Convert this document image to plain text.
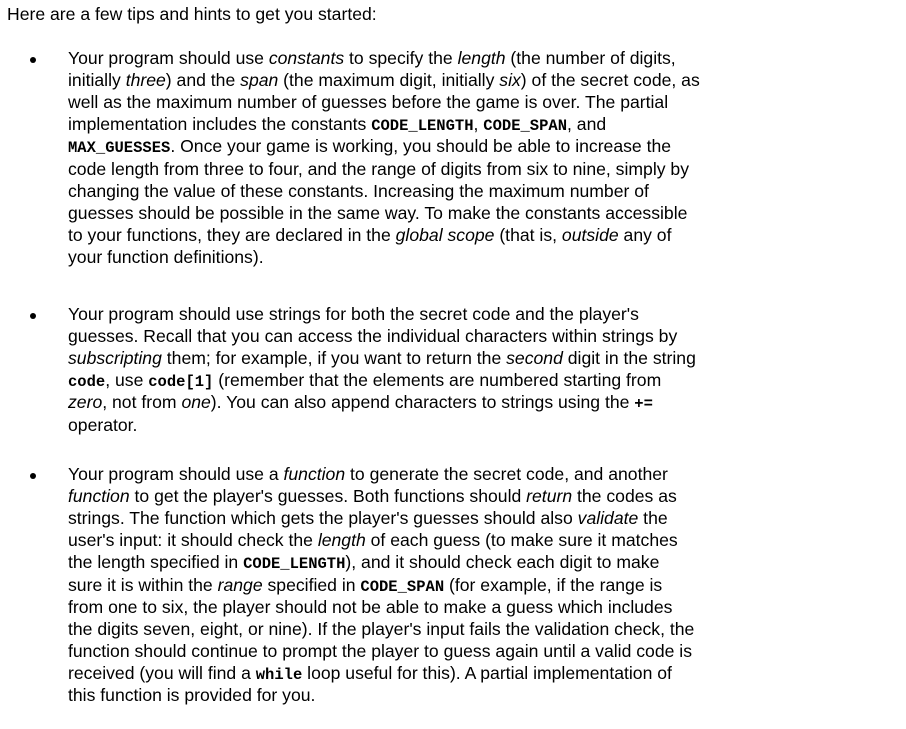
Here are a few tips and hints to get you started:
Your program should use constants to specify the length (the number of digits,
initially three) and the span (the maximum digit, initially six) of the secret code, as
well as the maximum number of guesses before the game is over. The partial
implementation includes the constants CODE_LENGTH, CODE_SPAN, and
MAX_GUESSES. Once your game is working, you should be able to increase the
code length from three to four, and the range of digits from six to nine, simply by
changing the value of these constants. Increasing the maximum number of
guesses should be possible in the same way. To make the constants accessible
to your functions, they are declared in the global scope (that is, outside any of
your function definitions).
Your program should use strings for both the secret code and the player's
guesses. Recall that you can access the individual characters within strings by
subscripting them; for example, if you want to return the second digit in the string
code, use code[1] (remember that the elements are numbered starting from
zero, not from one). You can also append characters to strings using the +=
operator.
Your program should use a function to generate the secret code, and another
function to get the player's guesses. Both functions should return the codes as
strings. The function which gets the player's guesses should also validate the
user's input: it should check the length of each guess (to make sure it matches
the length specified in CODE_LENGTH), and it should check each digit to make
sure it is within the range specified in CODE_SPAN (for example, if the range is
from one to six, the player should not be able to make a guess which includes
the digits seven, eight, or nine). If the player's input fails the validation check, the
function should continue to prompt the player to guess again until a valid code is
received (you will find a while loop useful for this). A partial implementation of
this function is provided for you.
